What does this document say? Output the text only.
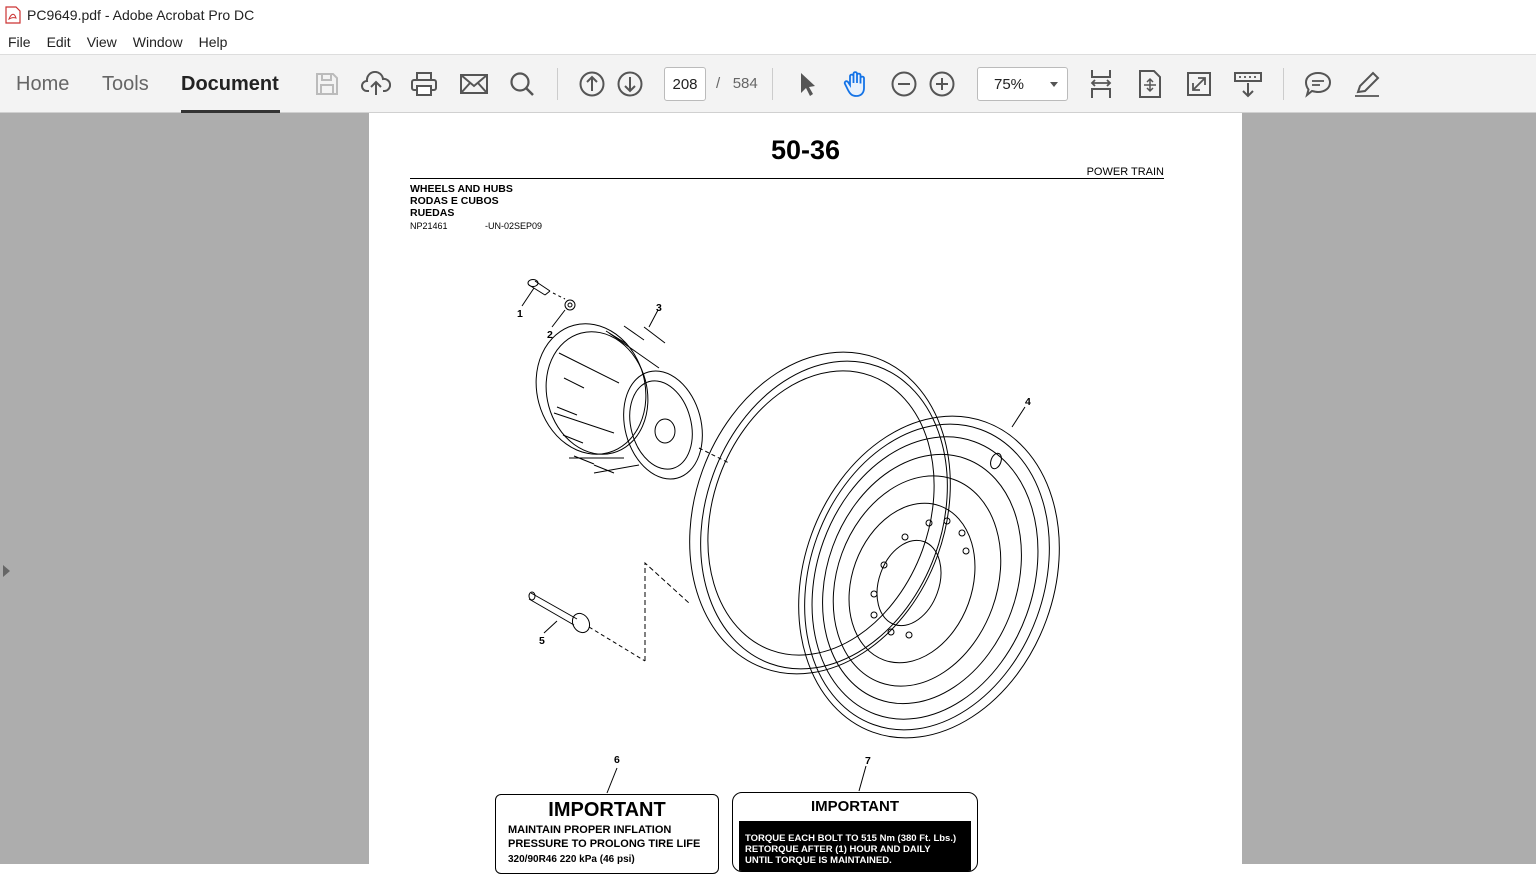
PC9649.pdf - Adobe Acrobat Pro DC
File	Edit	View	Window	Help
Home Tools Document	208	/ 584	75%
50-36
POWER TRAIN
WHEELS AND HUBS
RODAS E CUBOS
RUEDAS
NP21461	-UN-02SEP09
1
2
3
4
5
6	7
IMPORTANT
MAINTAIN PROPER INFLATION
PRESSURE TO PROLONG TIRE LIFE
320/90R46 220 kPa (46 psi)
IMPORTANT
TORQUE EACH BOLT TO 515 Nm (380 Ft. Lbs.)
RETORQUE AFTER (1) HOUR AND DAILY
UNTIL TORQUE IS MAINTAINED.
